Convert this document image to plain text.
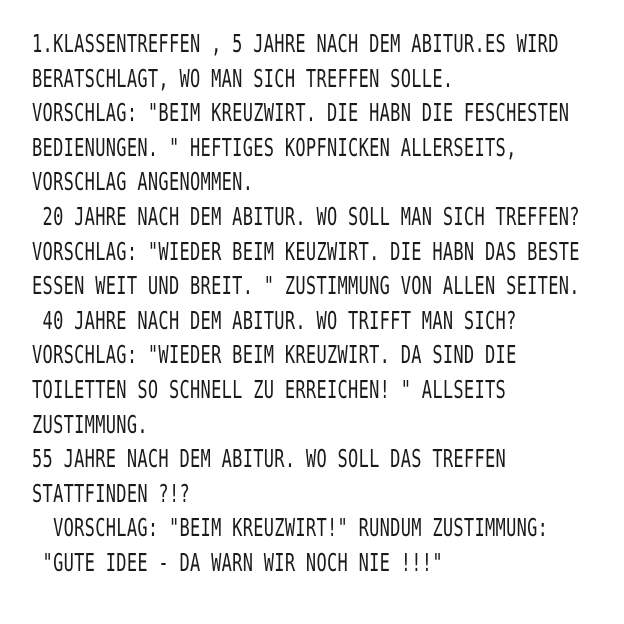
1.KLASSENTREFFEN , 5 JAHRE NACH DEM ABITUR.ES WIRD
BERATSCHLAGT, WO MAN SICH TREFFEN SOLLE.
VORSCHLAG: "BEIM KREUZWIRT. DIE HABN DIE FESCHESTEN
BEDIENUNGEN. " HEFTIGES KOPFNICKEN ALLERSEITS,
VORSCHLAG ANGENOMMEN.
20 JAHRE NACH DEM ABITUR. WO SOLL MAN SICH TREFFEN?
VORSCHLAG: "WIEDER BEIM KEUZWIRT. DIE HABN DAS BESTE
ESSEN WEIT UND BREIT. " ZUSTIMMUNG VON ALLEN SEITEN.
40 JAHRE NACH DEM ABITUR. WO TRIFFT MAN SICH?
VORSCHLAG: "WIEDER BEIM KREUZWIRT. DA SIND DIE
TOILETTEN SO SCHNELL ZU ERREICHEN! " ALLSEITS
ZUSTIMMUNG.
55 JAHRE NACH DEM ABITUR. WO SOLL DAS TREFFEN
STATTFINDEN ?!?
VORSCHLAG: "BEIM KREUZWIRT!" RUNDUM ZUSTIMMUNG:
"GUTE IDEE - DA WARN WIR NOCH NIE !!!"
